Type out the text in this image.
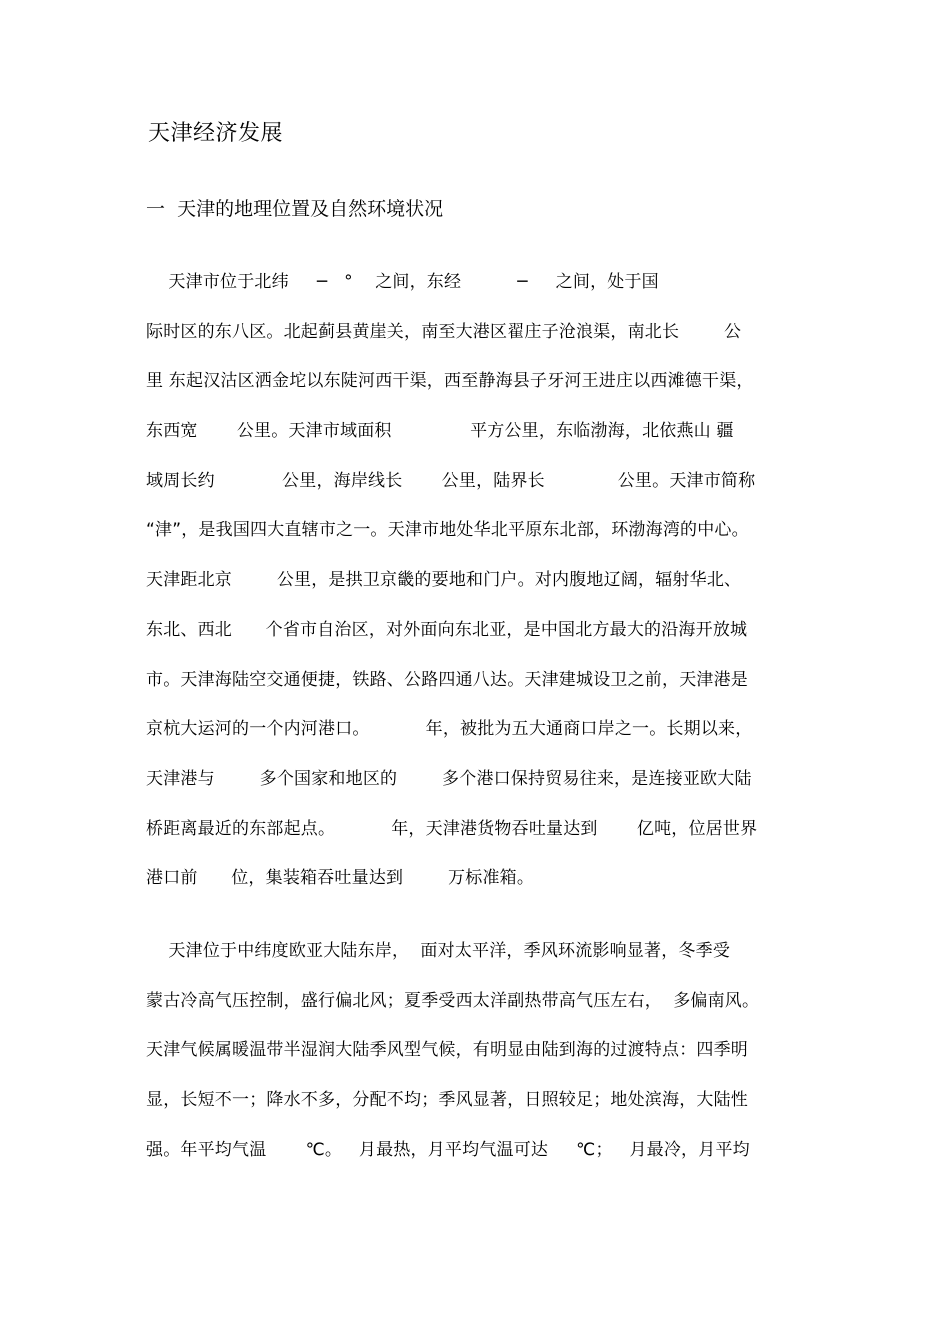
天津经济发展
一  天津的地理位置及自然环境状况
天津市位于北纬     ─   °    之间，东经          ─     之间，处于国
际时区的东八区。北起蓟县黄崖关，南至大港区翟庄子沧浪渠，南北长        公
里 东起汉沽区洒金坨以东陡河西干渠，西至静海县子牙河王进庄以西滩德干渠，
东西宽       公里。天津市域面积              平方公里，东临渤海，北依燕山 疆
域周长约            公里，海岸线长       公里，陆界长             公里。天津市简称
“津”，是我国四大直辖市之一。天津市地处华北平原东北部，环渤海湾的中心。
天津距北京        公里，是拱卫京畿的要地和门户。对内腹地辽阔，辐射华北、
东北、西北      个省市自治区，对外面向东北亚，是中国北方最大的沿海开放城
市。天津海陆空交通便捷，铁路、公路四通八达。天津建城设卫之前，天津港是
京杭大运河的一个内河港口。          年，被批为五大通商口岸之一。长期以来，
天津港与        多个国家和地区的        多个港口保持贸易往来，是连接亚欧大陆
桥距离最近的东部起点。          年，天津港货物吞吐量达到       亿吨，位居世界
港口前      位，集装箱吞吐量达到        万标准箱。
天津位于中纬度欧亚大陆东岸，  面对太平洋，季风环流影响显著，冬季受
蒙古冷高气压控制，盛行偏北风；夏季受西太洋副热带高气压左右，  多偏南风。
天津气候属暖温带半湿润大陆季风型气候，有明显由陆到海的过渡特点：四季明
显，长短不一；降水不多，分配不均；季风显著，日照较足；地处滨海，大陆性
强。年平均气温       ℃。   月最热，月平均气温可达     ℃；   月最冷，月平均
